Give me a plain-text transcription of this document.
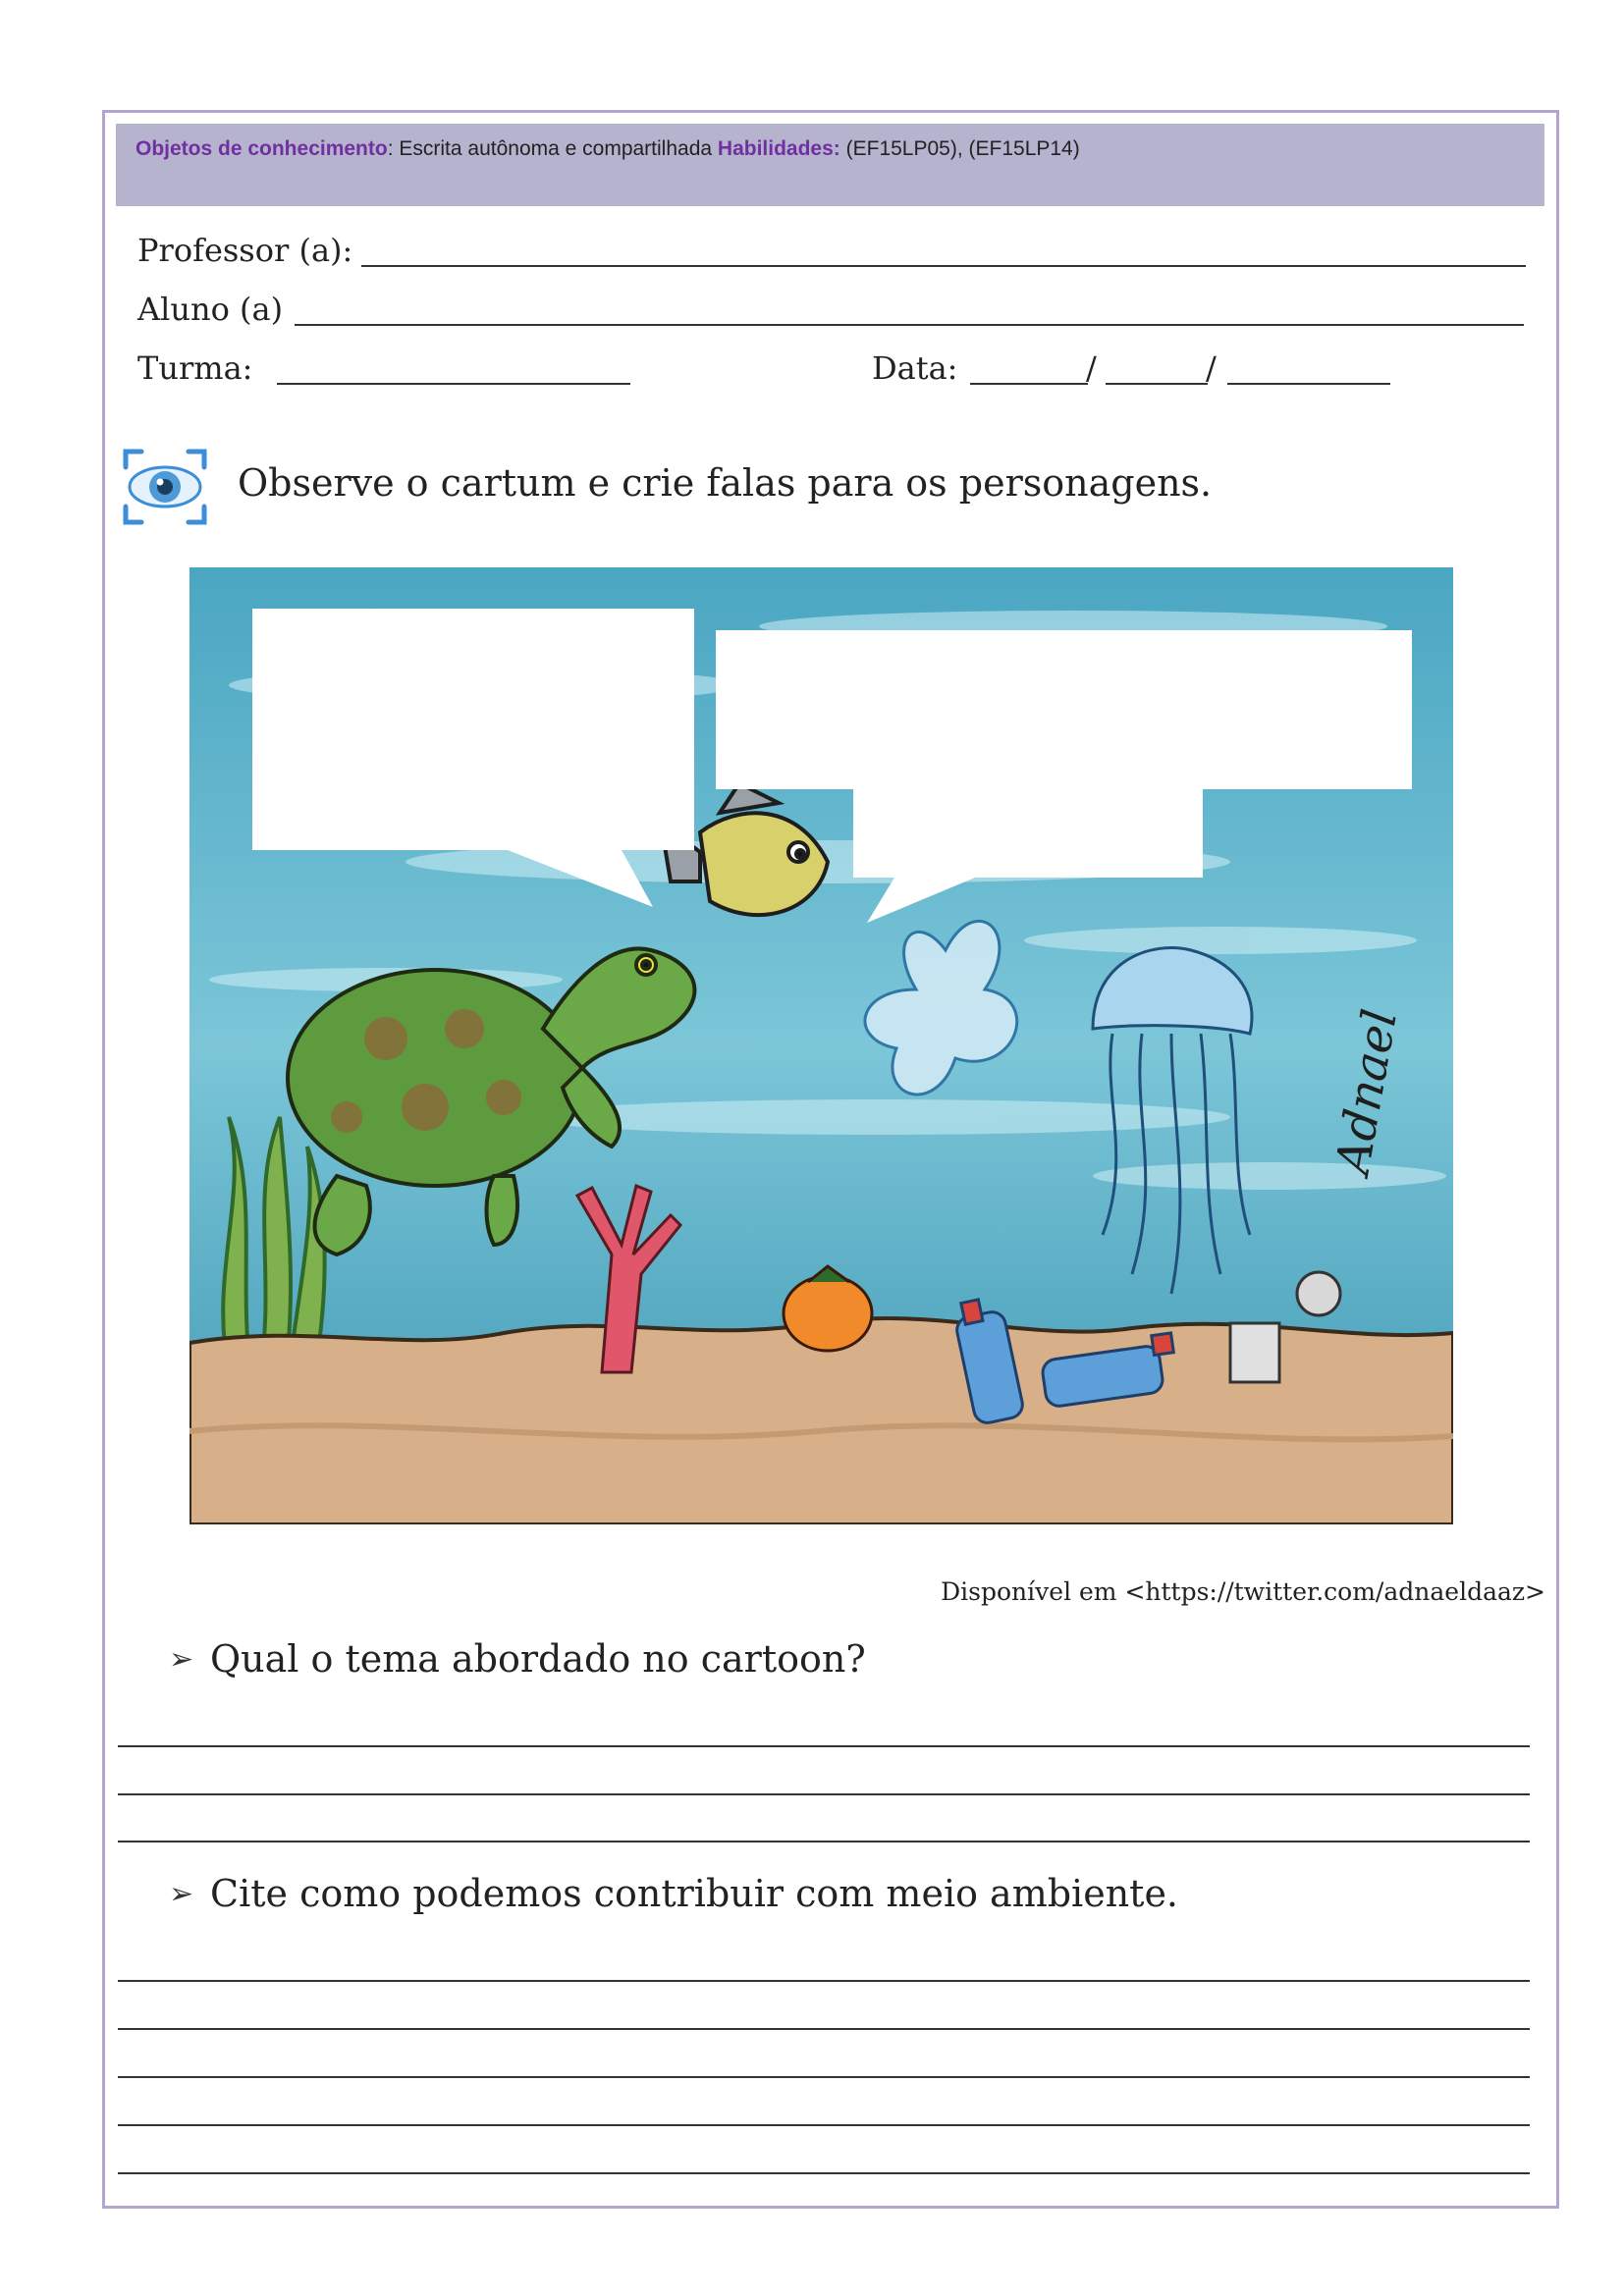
Objetos de conhecimento: Escrita autônoma e compartilhada Habilidades: (EF15LP05), (EF15LP14)
Professor (a):
Aluno (a)
Turma:	Data:	/	/
Observe o cartum e crie falas para os personagens.
Adnael
Disponível em <https://twitter.com/adnaeldaaz>
➢ Qual o tema abordado no cartoon?
➢ Cite como podemos contribuir com meio ambiente.
